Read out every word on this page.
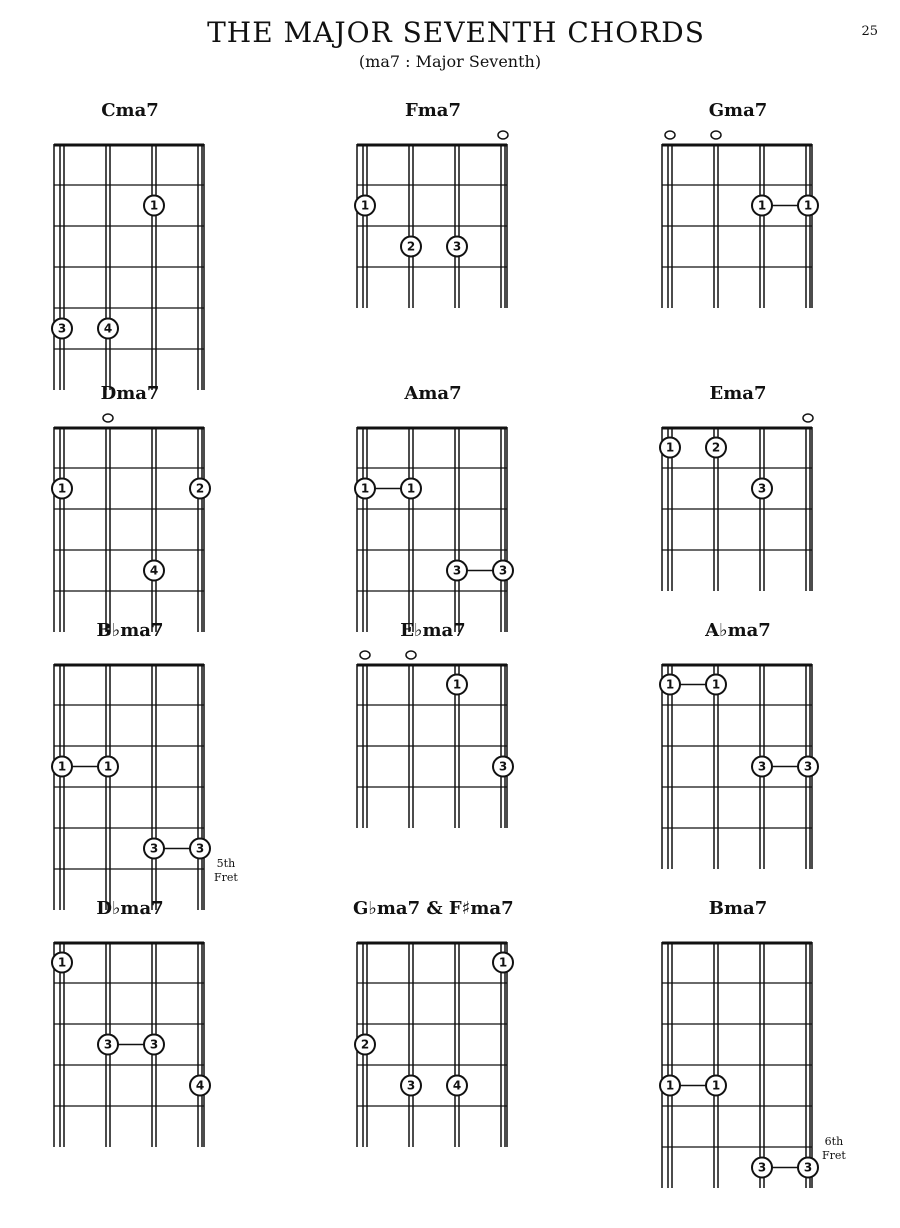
THE MAJOR SEVENTH CHORDS
(ma7 : Major Seventh)
25
Cma7
1
3	4
Fma7
1
2	3
Gma7
1	1
Dma7
1	2
4
Ama7
1	1
3	3
Ema7
1	2
3
B♭ma7
1	1
3	3
5th
Fret
E♭ma7
1
3
A♭ma7
1	1
3	3
D♭ma7
1
3	3
4
G♭ma7 & F♯ma7
1
2
3	4
Bma7
1	1
3	3
6th
Fret
